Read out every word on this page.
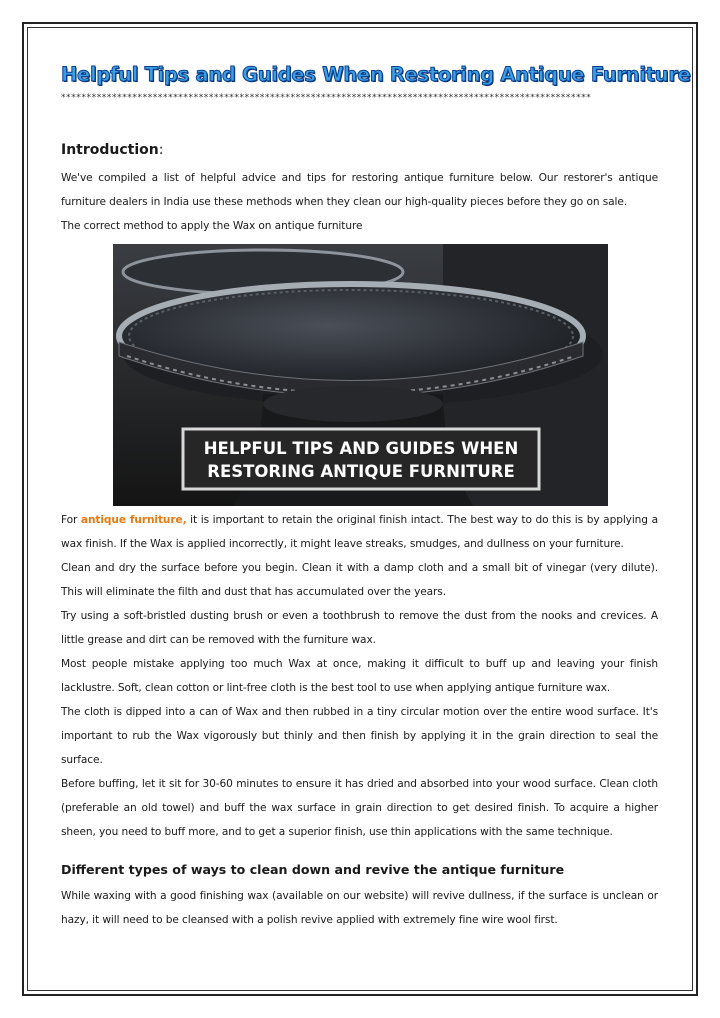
Helpful Tips and Guides When Restoring Antique Furniture
********************************************************************************************************
Introduction:

We've compiled a list of helpful advice and tips for restoring antique furniture below. Our restorer's antique furniture dealers in India use these methods when they clean our high-quality pieces before they go on sale.

The correct method to apply the Wax on antique furniture

HELPFUL TIPS AND GUIDES WHEN
RESTORING ANTIQUE FURNITURE

For antique furniture, it is important to retain the original finish intact. The best way to do this is by applying a wax finish. If the Wax is applied incorrectly, it might leave streaks, smudges, and dullness on your furniture.

Clean and dry the surface before you begin. Clean it with a damp cloth and a small bit of vinegar (very dilute). This will eliminate the filth and dust that has accumulated over the years.

Try using a soft-bristled dusting brush or even a toothbrush to remove the dust from the nooks and crevices. A little grease and dirt can be removed with the furniture wax.

Most people mistake applying too much Wax at once, making it difficult to buff up and leaving your finish lacklustre. Soft, clean cotton or lint-free cloth is the best tool to use when applying antique furniture wax.

The cloth is dipped into a can of Wax and then rubbed in a tiny circular motion over the entire wood surface. It's important to rub the Wax vigorously but thinly and then finish by applying it in the grain direction to seal the surface.

Before buffing, let it sit for 30-60 minutes to ensure it has dried and absorbed into your wood surface. Clean cloth (preferable an old towel) and buff the wax surface in grain direction to get desired finish. To acquire a higher sheen, you need to buff more, and to get a superior finish, use thin applications with the same technique.

Different types of ways to clean down and revive the antique furniture

While waxing with a good finishing wax (available on our website) will revive dullness, if the surface is unclean or hazy, it will need to be cleansed with a polish revive applied with extremely fine wire wool first.
